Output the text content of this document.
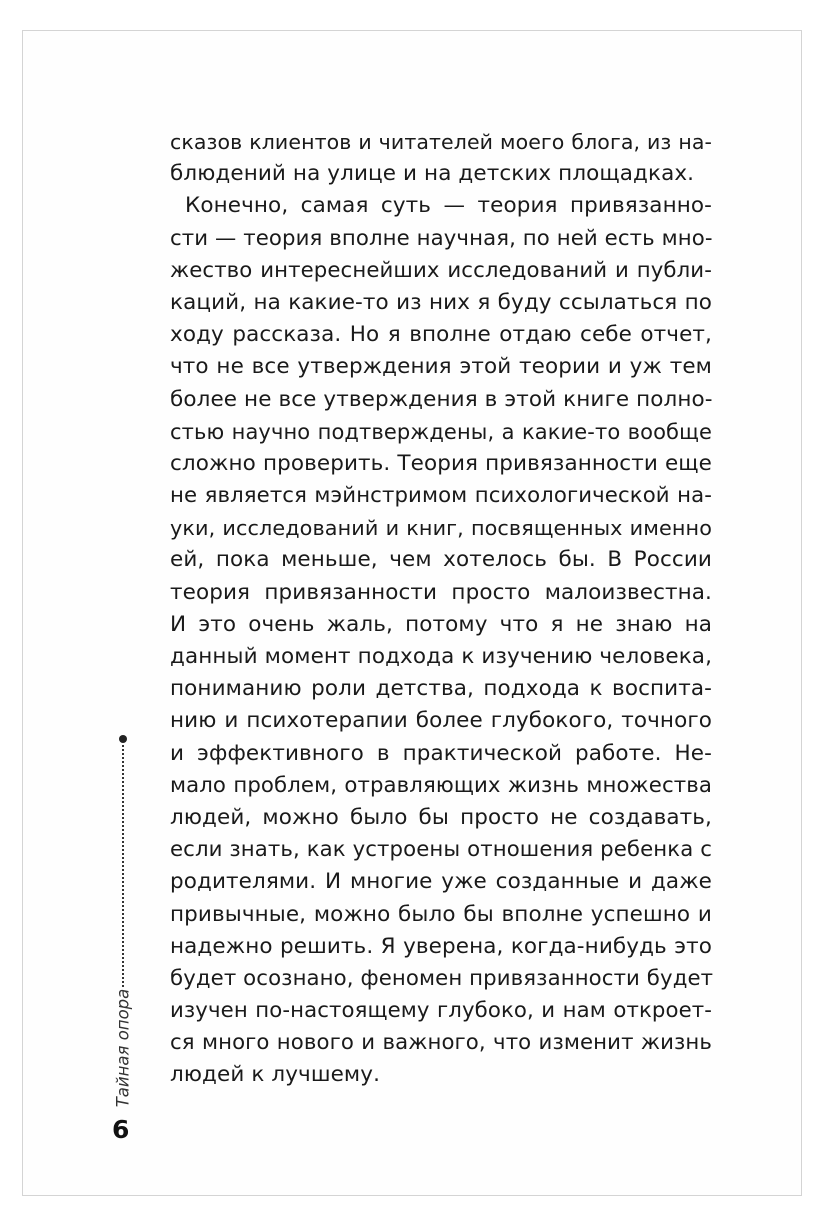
сказов клиентов и читателей моего блога, из на-
блюдений на улице и на детских площадках.
Конечно, самая суть — теория привязанно-
сти — теория вполне научная, по ней есть мно-
жество интереснейших исследований и публи-
каций, на какие-то из них я буду ссылаться по
ходу рассказа. Но я вполне отдаю себе отчет,
что не все утверждения этой теории и уж тем
более не все утверждения в этой книге полно-
стью научно подтверждены, а какие-то вообще
сложно проверить. Теория привязанности еще
не является мэйнстримом психологической на-
уки, исследований и книг, посвященных именно
ей, пока меньше, чем хотелось бы. В России
теория привязанности просто малоизвестна.
И это очень жаль, потому что я не знаю на
данный момент подхода к изучению человека,
пониманию роли детства, подхода к воспита-
нию и психотерапии более глубокого, точного
и эффективного в практической работе. Не-
мало проблем, отравляющих жизнь множества
людей, можно было бы просто не создавать,
если знать, как устроены отношения ребенка с
родителями. И многие уже созданные и даже
привычные, можно было бы вполне успешно и
надежно решить. Я уверена, когда-нибудь это
будет осознано, феномен привязанности будет
изучен по-настоящему глубоко, и нам откроет-
ся много нового и важного, что изменит жизнь
людей к лучшему.
Тайная опора
6
